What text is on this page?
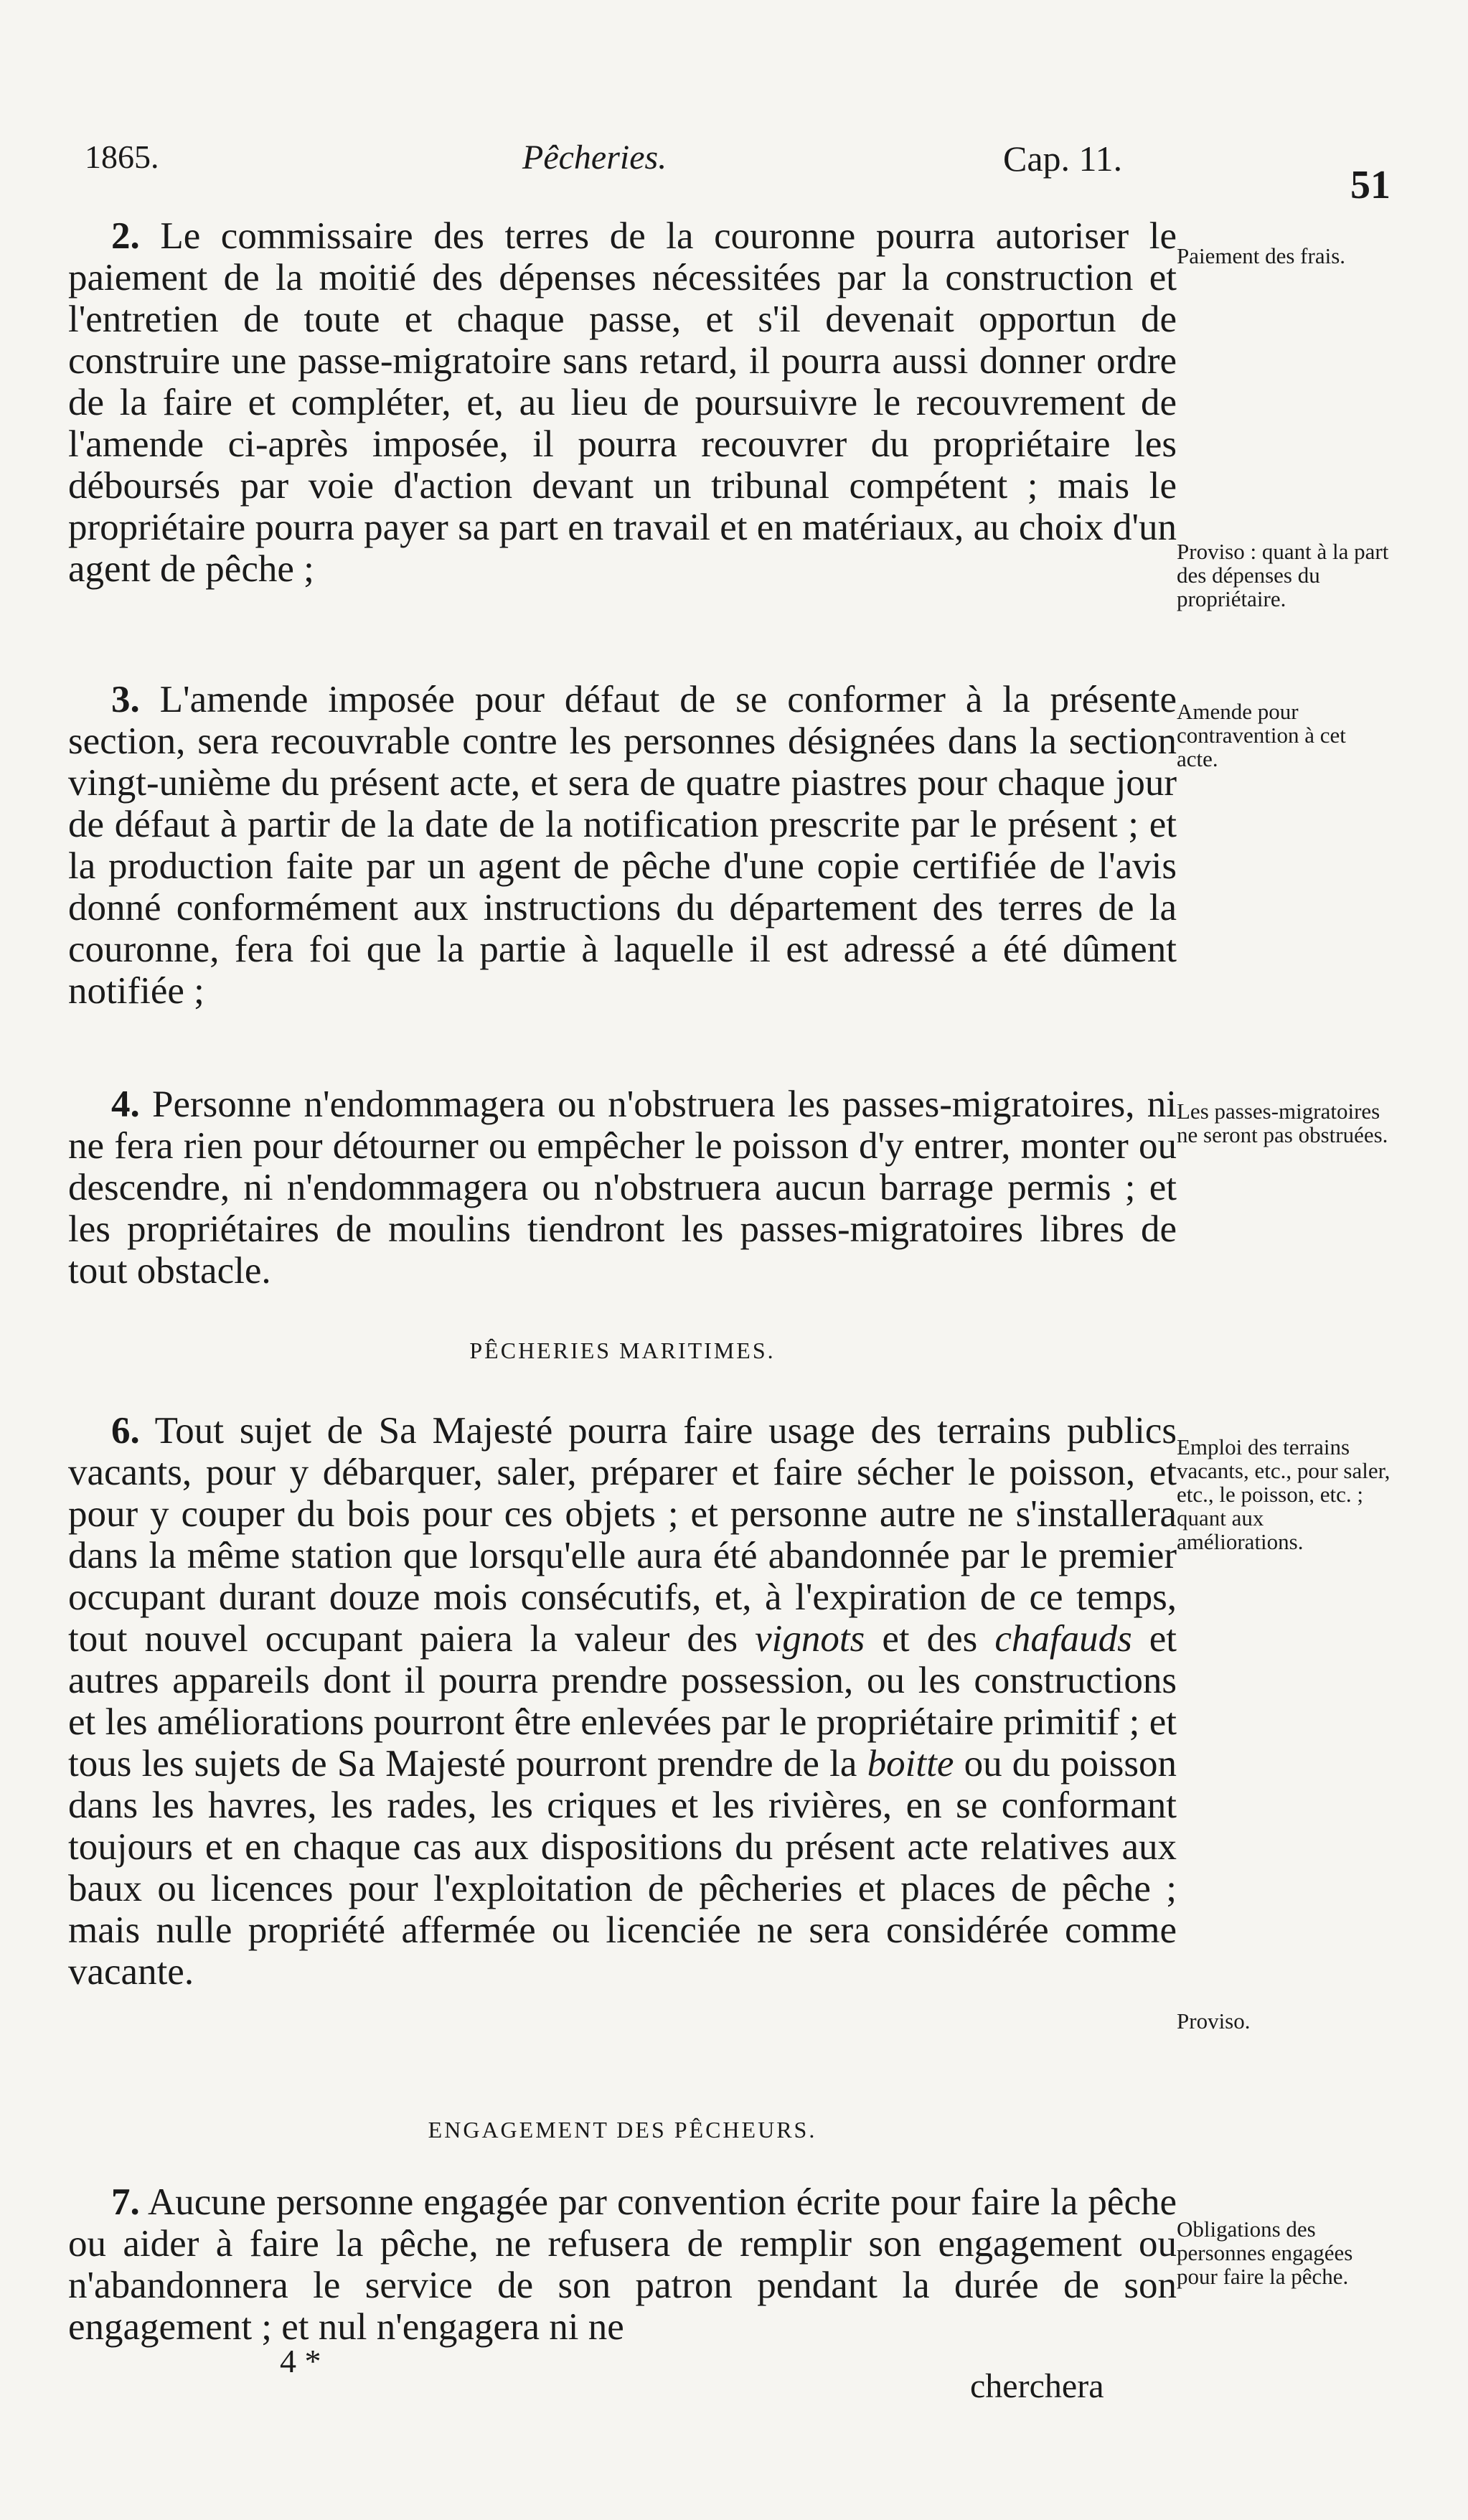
1865.	Pêcheries.	Cap. 11.
51

2. Le commissaire des terres de la couronne pourra autoriser le paiement de la moitié des dépenses nécessitées par la construction et l'entretien de toute et chaque passe, et s'il devenait opportun de construire une passe-migratoire sans retard, il pourra aussi donner ordre de la faire et compléter, et, au lieu de poursuivre le recouvrement de l'amende ci-après imposée, il pourra recouvrer du propriétaire les déboursés par voie d'action devant un tribunal compétent ; mais le propriétaire pourra payer sa part en travail et en matériaux, au choix d'un agent de pêche ;

Paiement des frais.
Proviso : quant à la part des dépenses du propriétaire.

3. L'amende imposée pour défaut de se conformer à la présente section, sera recouvrable contre les personnes désignées dans la section vingt-unième du présent acte, et sera de quatre piastres pour chaque jour de défaut à partir de la date de la notification prescrite par le présent ; et la production faite par un agent de pêche d'une copie certifiée de l'avis donné conformément aux instructions du département des terres de la couronne, fera foi que la partie à laquelle il est adressé a été dûment notifiée ;

Amende pour contravention à cet acte.

4. Personne n'endommagera ou n'obstruera les passes-migratoires, ni ne fera rien pour détourner ou empêcher le poisson d'y entrer, monter ou descendre, ni n'endommagera ou n'obstruera aucun barrage permis ; et les propriétaires de moulins tiendront les passes-migratoires libres de tout obstacle.

Les passes-migratoires ne seront pas obstruées.
PÊCHERIES MARITIMES.

6. Tout sujet de Sa Majesté pourra faire usage des terrains publics vacants, pour y débarquer, saler, préparer et faire sécher le poisson, et pour y couper du bois pour ces objets ; et personne autre ne s'installera dans la même station que lorsqu'elle aura été abandonnée par le premier occupant durant douze mois consécutifs, et, à l'expiration de ce temps, tout nouvel occupant paiera la valeur des vignots et des chafauds et autres appareils dont il pourra prendre possession, ou les constructions et les améliorations pourront être enlevées par le propriétaire primitif ; et tous les sujets de Sa Majesté pourront prendre de la boitte ou du poisson dans les havres, les rades, les criques et les rivières, en se conformant toujours et en chaque cas aux dispositions du présent acte relatives aux baux ou licences pour l'exploitation de pêcheries et places de pêche ; mais nulle propriété affermée ou licenciée ne sera considérée comme vacante.

Emploi des terrains vacants, etc., pour saler, etc., le poisson, etc. ; quant aux améliorations.
Proviso.
ENGAGEMENT DES PÊCHEURS.

7. Aucune personne engagée par convention écrite pour faire la pêche ou aider à faire la pêche, ne refusera de remplir son engagement ou n'abandonnera le service de son patron pendant la durée de son engagement ; et nul n'engagera ni ne

Obligations des personnes engagées pour faire la pêche.
4 *
cherchera
